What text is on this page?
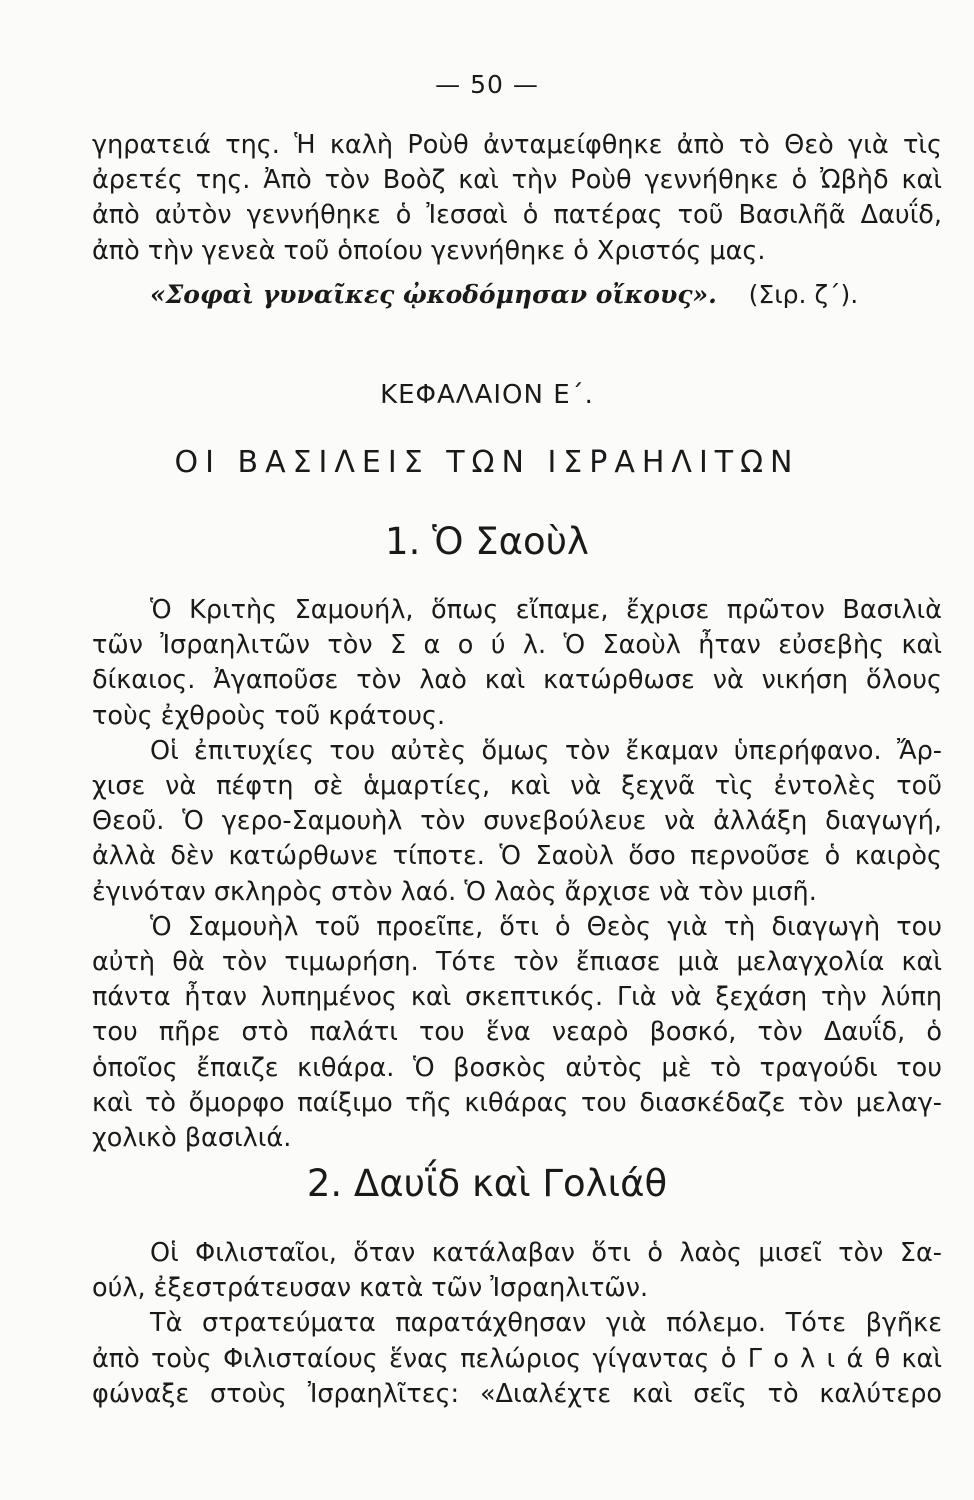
— 50 —
γηρατειά της. Ἡ καλὴ Ρoὺθ ἀνταμείφθηκε ἀπὸ τὸ Θεὸ γιὰ τὶς
ἀρετές της. Ἀπὸ τὸν Βοὸζ καὶ τὴν Ροὺθ γεννήθηκε ὁ Ὠβὴδ καὶ
ἀπὸ αὐτὸν γεννήθηκε ὁ Ἰεσσαὶ ὁ πατέρας τοῦ Βασιλῆᾶ Δαυΐδ,
ἀπὸ τὴν γενεὰ τοῦ ὁποίου γεννήθηκε ὁ Χριστός μας.
«Σοφαὶ γυναῖκες ᾠκοδόμησαν οἴκους». (Σιρ. ζ΄).
ΚΕΦΑΛΑΙΟΝ Ε΄.
ΟΙ ΒΑΣΙΛΕΙΣ ΤΩΝ ΙΣΡΑΗΛΙΤΩΝ
1. Ὁ Σαοὺλ
Ὁ Κριτὴς Σαμουήλ, ὅπως εἴπαμε, ἔχρισε πρῶτον Βασιλιὰ
τῶν Ἰσραηλιτῶν τὸν Σ α ο ύ λ. Ὁ Σαοὺλ ἦταν εὐσεβὴς καὶ
δίκαιος. Ἀγαποῦσε τὸν λαὸ καὶ κατώρθωσε νὰ νικήση ὅλους
τοὺς ἐχθροὺς τοῦ κράτους.
Οἱ ἐπιτυχίες του αὐτὲς ὅμως τὸν ἔκαμαν ὑπερήφανο. Ἄρ-
χισε νὰ πέφτη σὲ ἁμαρτίες, καὶ νὰ ξεχνᾶ τὶς ἐντολὲς τοῦ
Θεοῦ. Ὁ γερο-Σαμουὴλ τὸν συνεβούλευε νὰ ἀλλάξη διαγωγή,
ἀλλὰ δὲν κατώρθωνε τίποτε. Ὁ Σαοὺλ ὅσο περνοῦσε ὁ καιρὸς
ἐγινόταν σκληρὸς στὸν λαό. Ὁ λαὸς ἄρχισε νὰ τὸν μισῆ.
Ὁ Σαμουὴλ τοῦ προεῖπε, ὅτι ὁ Θεὸς γιὰ τὴ διαγωγὴ του
αὐτὴ θὰ τὸν τιμωρήση. Τότε τὸν ἔπιασε μιὰ μελαγχολία καὶ
πάντα ἦταν λυπημένος καὶ σκεπτικός. Γιὰ νὰ ξεχάση τὴν λύπη
του πῆρε στὸ παλάτι του ἕνα νεαρὸ βοσκό, τὸν Δαυΐδ, ὁ
ὁποῖος ἔπαιζε κιθάρα. Ὁ βοσκὸς αὐτὸς μὲ τὸ τραγούδι του
καὶ τὸ ὄμορφο παίξιμο τῆς κιθάρας του διασκέδαζε τὸν μελαγ-
χολικὸ βασιλιά.
2. Δαυΐδ καὶ Γολιάθ
Οἱ Φιλισταῖοι, ὅταν κατάλαβαν ὅτι ὁ λαὸς μισεῖ τὸν Σα-
ούλ, ἐξεστράτευσαν κατὰ τῶν Ἰσραηλιτῶν.
Τὰ στρατεύματα παρατάχθησαν γιὰ πόλεμο. Τότε βγῆκε
ἀπὸ τοὺς Φιλισταίους ἕνας πελώριος γίγαντας ὁ Γ ο λ ι ά θ καὶ
φώναξε στοὺς Ἰσραηλῖτες: «Διαλέχτε καὶ σεῖς τὸ καλύτερο
